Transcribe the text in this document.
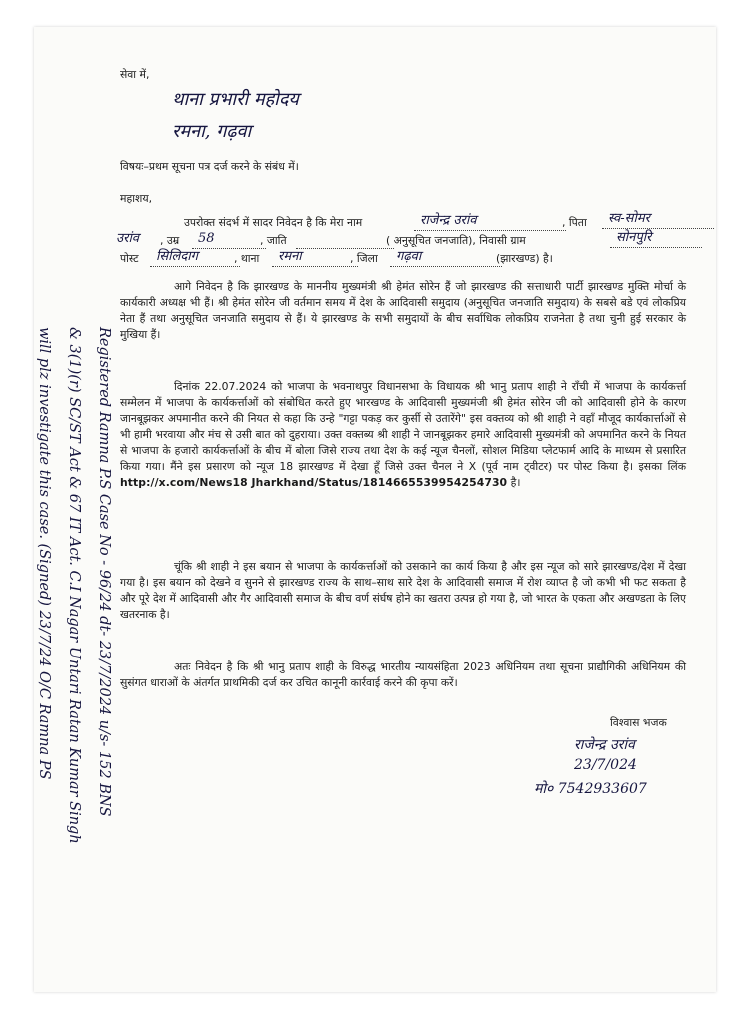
सेवा में,
थाना प्रभारी महोदय
रमना, गढ़वा
विषयः–प्रथम सूचना पत्र दर्ज करने के संबंध में।
महाशय,
उपरोक्त संदर्भ में सादर निवेदन है कि मेरा नाम	राजेन्द्र उरांव	, पिता	स्व-सोमर
उरांव	, उम्र	58	, जाति	( अनुसूचित जनजाति), निवासी ग्राम	सोनपुरि
पोस्ट	सिलिदाग	, थाना	रमना	, जिला	गढ़वा	(झारखण्ड) है।
आगे निवेदन है कि झारखण्ड के माननीय मुख्यमंत्री श्री हेमंत सोरेन हैं जो झारखण्ड की सत्ताधारी पार्टी झारखण्ड मुक्ति मोर्चा के कार्यकारी अध्यक्ष भी हैं। श्री हेमंत सोरेन जी वर्तमान समय में देश के आदिवासी समुदाय (अनुसूचित जनजाति समुदाय) के सबसे बडे एवं लोकप्रिय नेता हैं तथा अनुसूचित जनजाति समुदाय से हैं। ये झारखण्ड के सभी समुदायों के बीच सर्वाधिक लोकप्रिय राजनेता है तथा चुनी हुई सरकार के मुखिया हैं।
दिनांक 22.07.2024 को भाजपा के भवनाथपुर विधानसभा के विधायक श्री भानु प्रताप शाही ने राँची में भाजपा के कार्यकर्त्ता सम्मेलन में भाजपा के कार्यकर्त्ताओं को संबोधित करते हुए भारखण्ड के आदिवासी मुख्यमंजी श्री हेमंत सोरेन जी को आदिवासी होने के कारण जानबूझकर अपमानीत करने की नियत से कहा कि उन्हे "गट्टा पकड़ कर कुर्सी से उतारेंगे" इस वक्तव्य को श्री शाही ने वहाँ मौजूद कार्यकार्त्ताओं से भी हामी भरवाया और मंच से उसी बात को दुहराया। उक्त वक्तब्य श्री शाही ने जानबूझकर हमारे आदिवासी मुख्यमंत्री को अपमानित करने के नियत से भाजपा के हजारो कार्यकर्त्ताओं के बीच में बोला जिसे राज्य तथा देश के कई न्यूज चैनलों, सोशल मिडिया प्लेटफार्म आदि के माध्यम से प्रसारित किया गया। मैंने इस प्रसारण को न्यूज 18 झारखण्ड में देखा हूँ जिसे उक्त चैनल ने X (पूर्व नाम ट्वीटर) पर पोस्ट किया है। इसका लिंक http://x.com/News18 Jharkhand/Status/1814665539954254730 है।
चूंकि श्री शाही ने इस बयान से भाजपा के कार्यकर्त्ताओं को उसकाने का कार्य किया है और इस न्यूज को सारे झारखण्ड/देश में देखा गया है। इस बयान को देखने व सुनने से झारखण्ड राज्य के साथ–साथ सारे देश के आदिवासी समाज में रोश व्याप्त है जो कभी भी फट सकता है और पूरे देश में आदिवासी और गैर आदिवासी समाज के बीच वर्ण संर्घष होने का खतरा उत्पन्न हो गया है, जो भारत के एकता और अखण्डता के लिए खतरनाक है।
अतः निवेदन है कि श्री भानु प्रताप शाही के विरुद्ध भारतीय न्यायसंहिता 2023 अधिनियम तथा सूचना प्राद्यौगिकी अधिनियम की सुसंगत धाराओं के अंतर्गत प्राथमिकी दर्ज कर उचित कानूनी कार्रवाई करने की कृपा करें।
विश्वास भजक
राजेन्द्र उरांव
23/7/024
मो० 7542933607
Registered Ramna P.S Case No - 96/24 dt- 23/7/2024 u/s- 152 BNS
& 3(1)(r) SC/ST Act & 67 IT Act. C.I Nagar Untari Ratan Kumar Singh
will plz investigate this case. (Signed) 23/7/24 O/C Ramna PS
